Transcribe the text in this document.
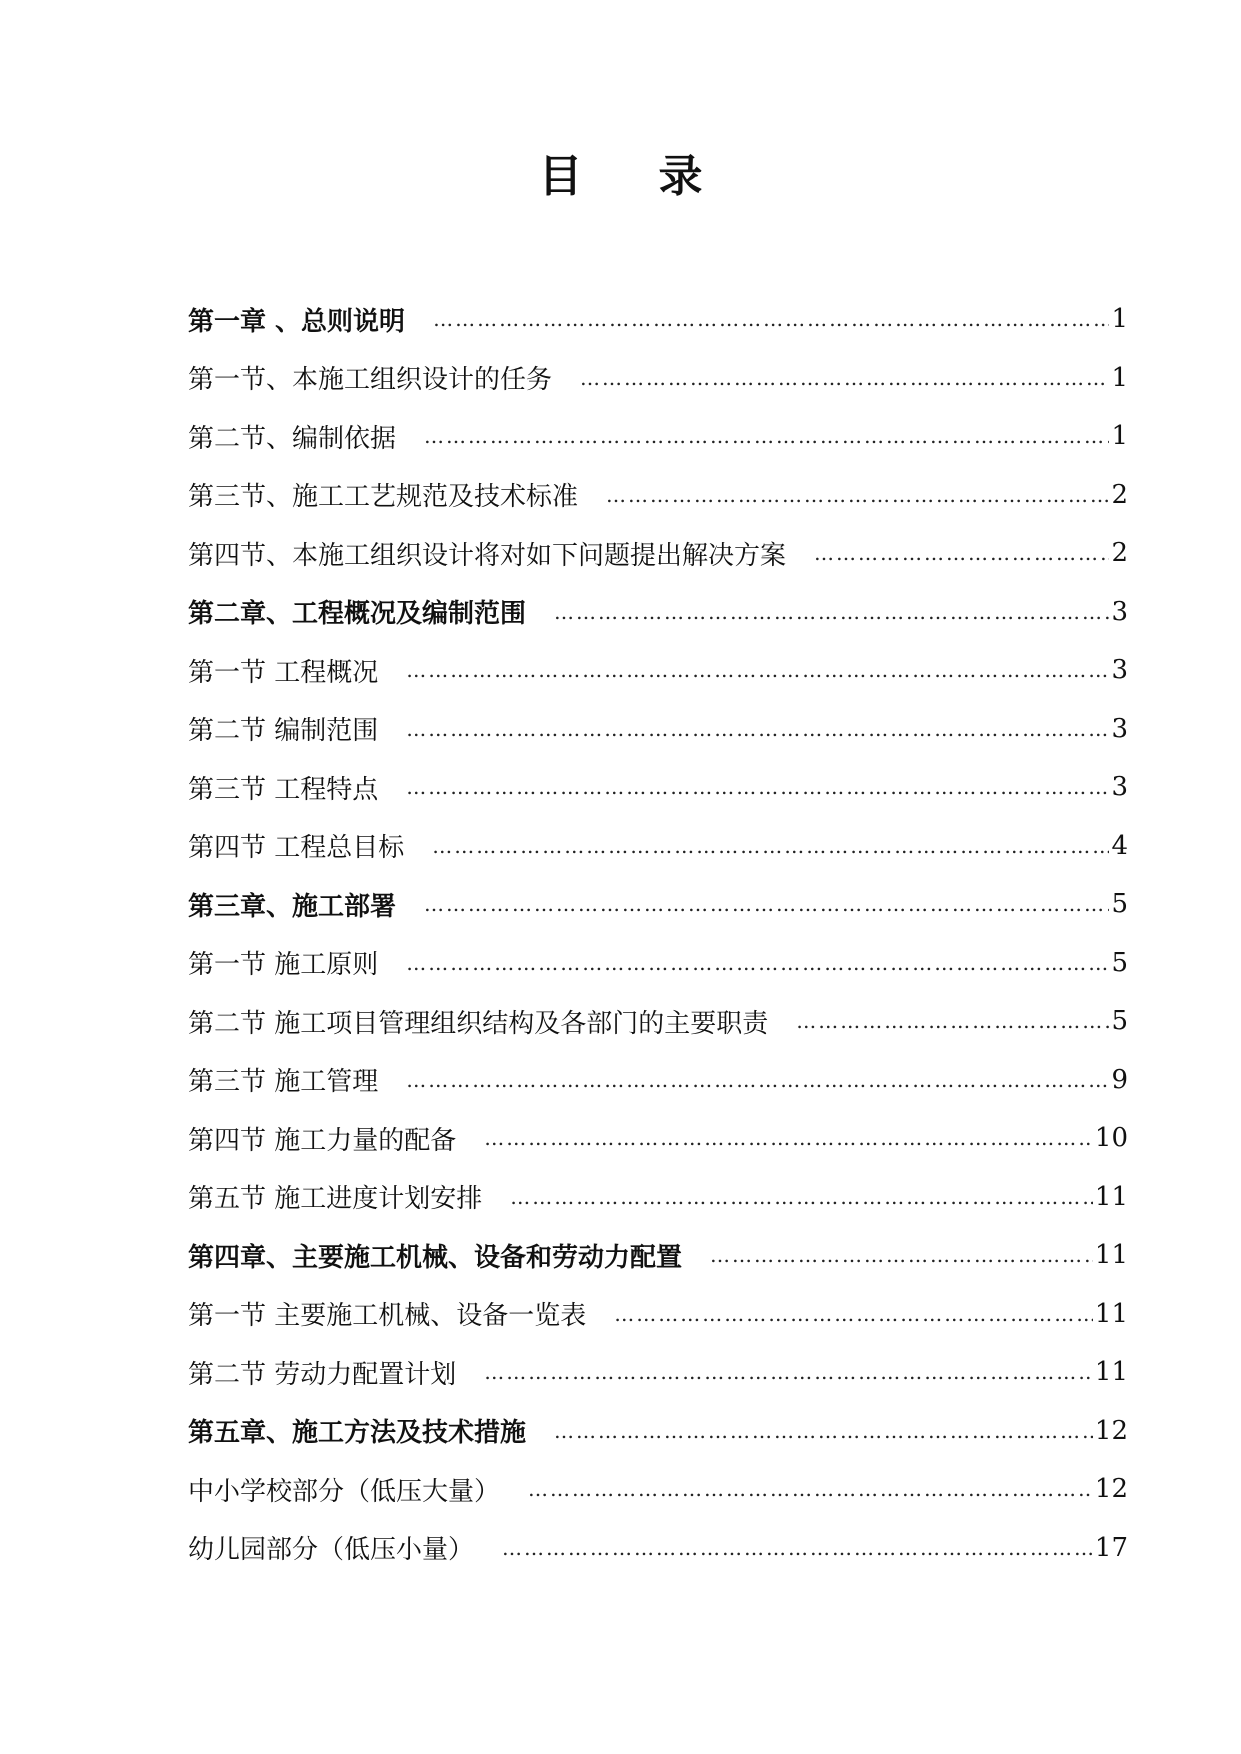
目 录
第一章 、总则说明 …………………………………………………………………………………………………………………………………………………………………………………	1
第一节、本施工组织设计的任务 …………………………………………………………………………………………………………………………………………………………………………………	1
第二节、编制依据 …………………………………………………………………………………………………………………………………………………………………………………	1
第三节、施工工艺规范及技术标准 …………………………………………………………………………………………………………………………………………………………………………………	2
第四节、本施工组织设计将对如下问题提出解决方案 …………………………………………………………………………………………………………………………………………………………………………………	2
第二章、工程概况及编制范围 …………………………………………………………………………………………………………………………………………………………………………………	3
第一节 工程概况 …………………………………………………………………………………………………………………………………………………………………………………	3
第二节 编制范围 …………………………………………………………………………………………………………………………………………………………………………………	3
第三节 工程特点 …………………………………………………………………………………………………………………………………………………………………………………	3
第四节 工程总目标 …………………………………………………………………………………………………………………………………………………………………………………	4
第三章、施工部署 …………………………………………………………………………………………………………………………………………………………………………………	5
第一节 施工原则 …………………………………………………………………………………………………………………………………………………………………………………	5
第二节 施工项目管理组织结构及各部门的主要职责 …………………………………………………………………………………………………………………………………………………………………………………	5
第三节 施工管理 …………………………………………………………………………………………………………………………………………………………………………………	9
第四节 施工力量的配备 …………………………………………………………………………………………………………………………………………………………………………………	10
第五节 施工进度计划安排 …………………………………………………………………………………………………………………………………………………………………………………	11
第四章、主要施工机械、设备和劳动力配置 …………………………………………………………………………………………………………………………………………………………………………………	11
第一节 主要施工机械、设备一览表 …………………………………………………………………………………………………………………………………………………………………………………	11
第二节 劳动力配置计划 …………………………………………………………………………………………………………………………………………………………………………………	11
第五章、施工方法及技术措施 …………………………………………………………………………………………………………………………………………………………………………………	12
中小学校部分（低压大量） …………………………………………………………………………………………………………………………………………………………………………………	12
幼儿园部分（低压小量） …………………………………………………………………………………………………………………………………………………………………………………	17
